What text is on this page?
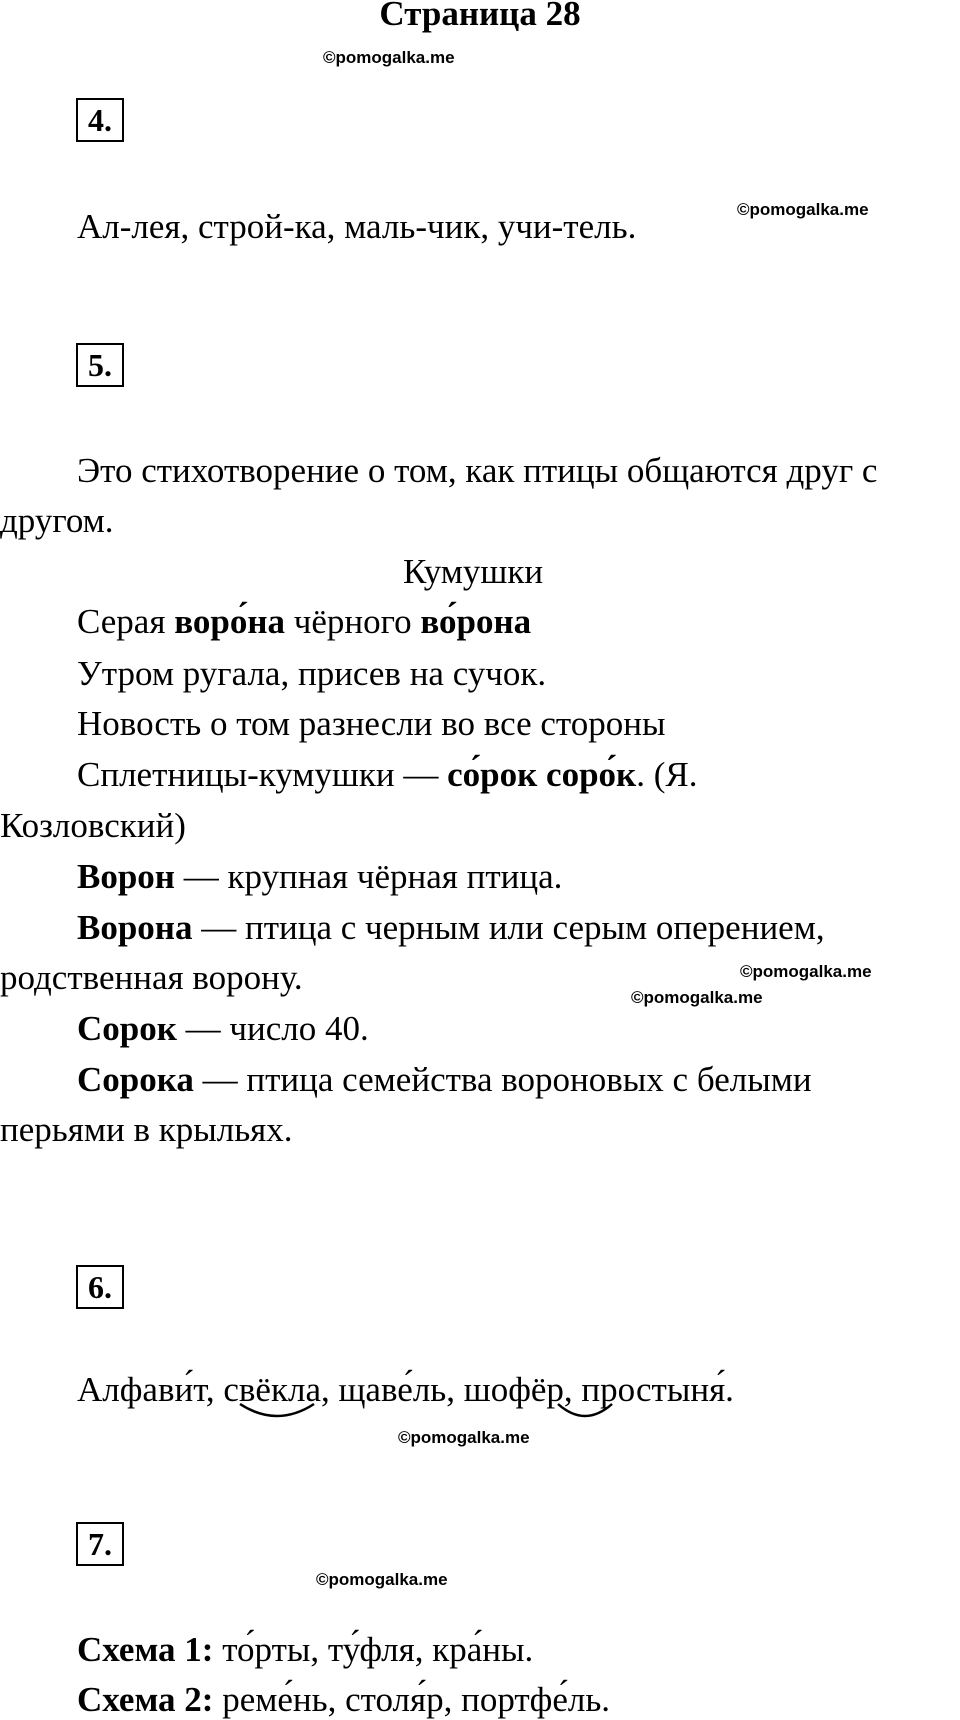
Страница 28
©pomogalka.me
4.
©pomogalka.me
Ал-лея, строй-ка, маль-чик, учи-тель.
5.
Это стихотворение о том, как птицы общаются друг с
другом.
Кумушки
Серая воро́на чёрного во́рона
Утром ругала, присев на сучок.
Новость о том разнесли во все стороны
Сплетницы-кумушки — со́рок соро́к. (Я.
Козловский)
Ворон — крупная чёрная птица.
Ворона — птица с черным или серым оперением,
родственная ворону.	©pomogalka.me
©pomogalka.me
Сорок — число 40.
Сорока — птица семейства вороновых с белыми
перьями в крыльях.
6.
Алфави́т, свёкла, щаве́ль, шофёр, простыня́.
©pomogalka.me
7.
©pomogalka.me
Схема 1: то́рты, ту́фля, кра́ны.
Схема 2: реме́нь, столя́р, портфе́ль.
